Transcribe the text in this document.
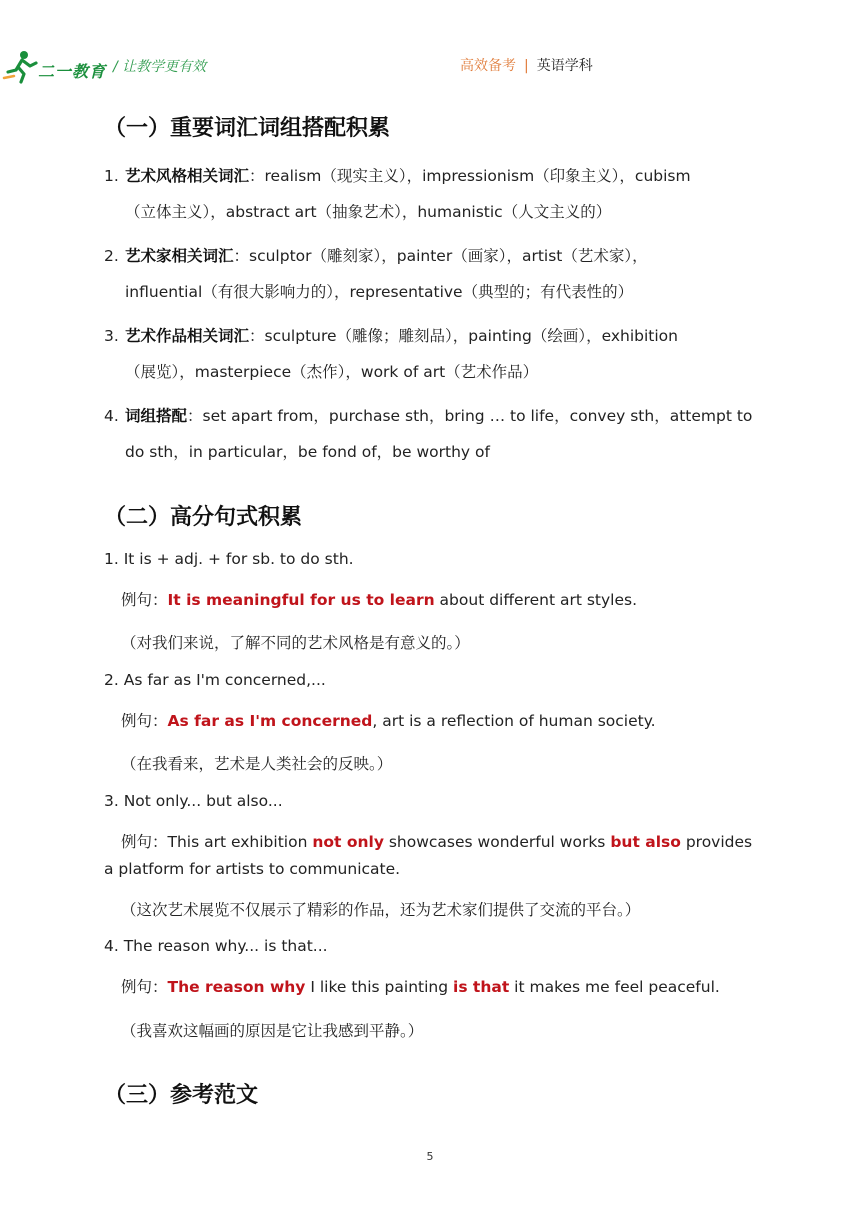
二一教育 / 让教学更有效	高效备考 | 英语学科
（一）重要词汇词组搭配积累
1. 艺术风格相关词汇：realism（现实主义），impressionism（印象主义），cubism
（立体主义），abstract art（抽象艺术），humanistic（人文主义的）
2. 艺术家相关词汇：sculptor（雕刻家），painter（画家），artist（艺术家），
influential（有很大影响力的），representative（典型的；有代表性的）
3. 艺术作品相关词汇：sculpture（雕像；雕刻品），painting（绘画），exhibition
（展览），masterpiece（杰作），work of art（艺术作品）
4. 词组搭配：set apart from，purchase sth，bring … to life，convey sth，attempt to
do sth，in particular，be fond of，be worthy of
（二）高分句式积累
1. It is + adj. + for sb. to do sth.
例句：It is meaningful for us to learn about different art styles.
（对我们来说，了解不同的艺术风格是有意义的。）
2. As far as I'm concerned,...
例句：As far as I'm concerned, art is a reflection of human society.
（在我看来，艺术是人类社会的反映。）
3. Not only... but also...
例句：This art exhibition not only showcases wonderful works but also provides
a platform for artists to communicate.
（这次艺术展览不仅展示了精彩的作品，还为艺术家们提供了交流的平台。）
4. The reason why... is that...
例句：The reason why I like this painting is that it makes me feel peaceful.
（我喜欢这幅画的原因是它让我感到平静。）
（三）参考范文
5
